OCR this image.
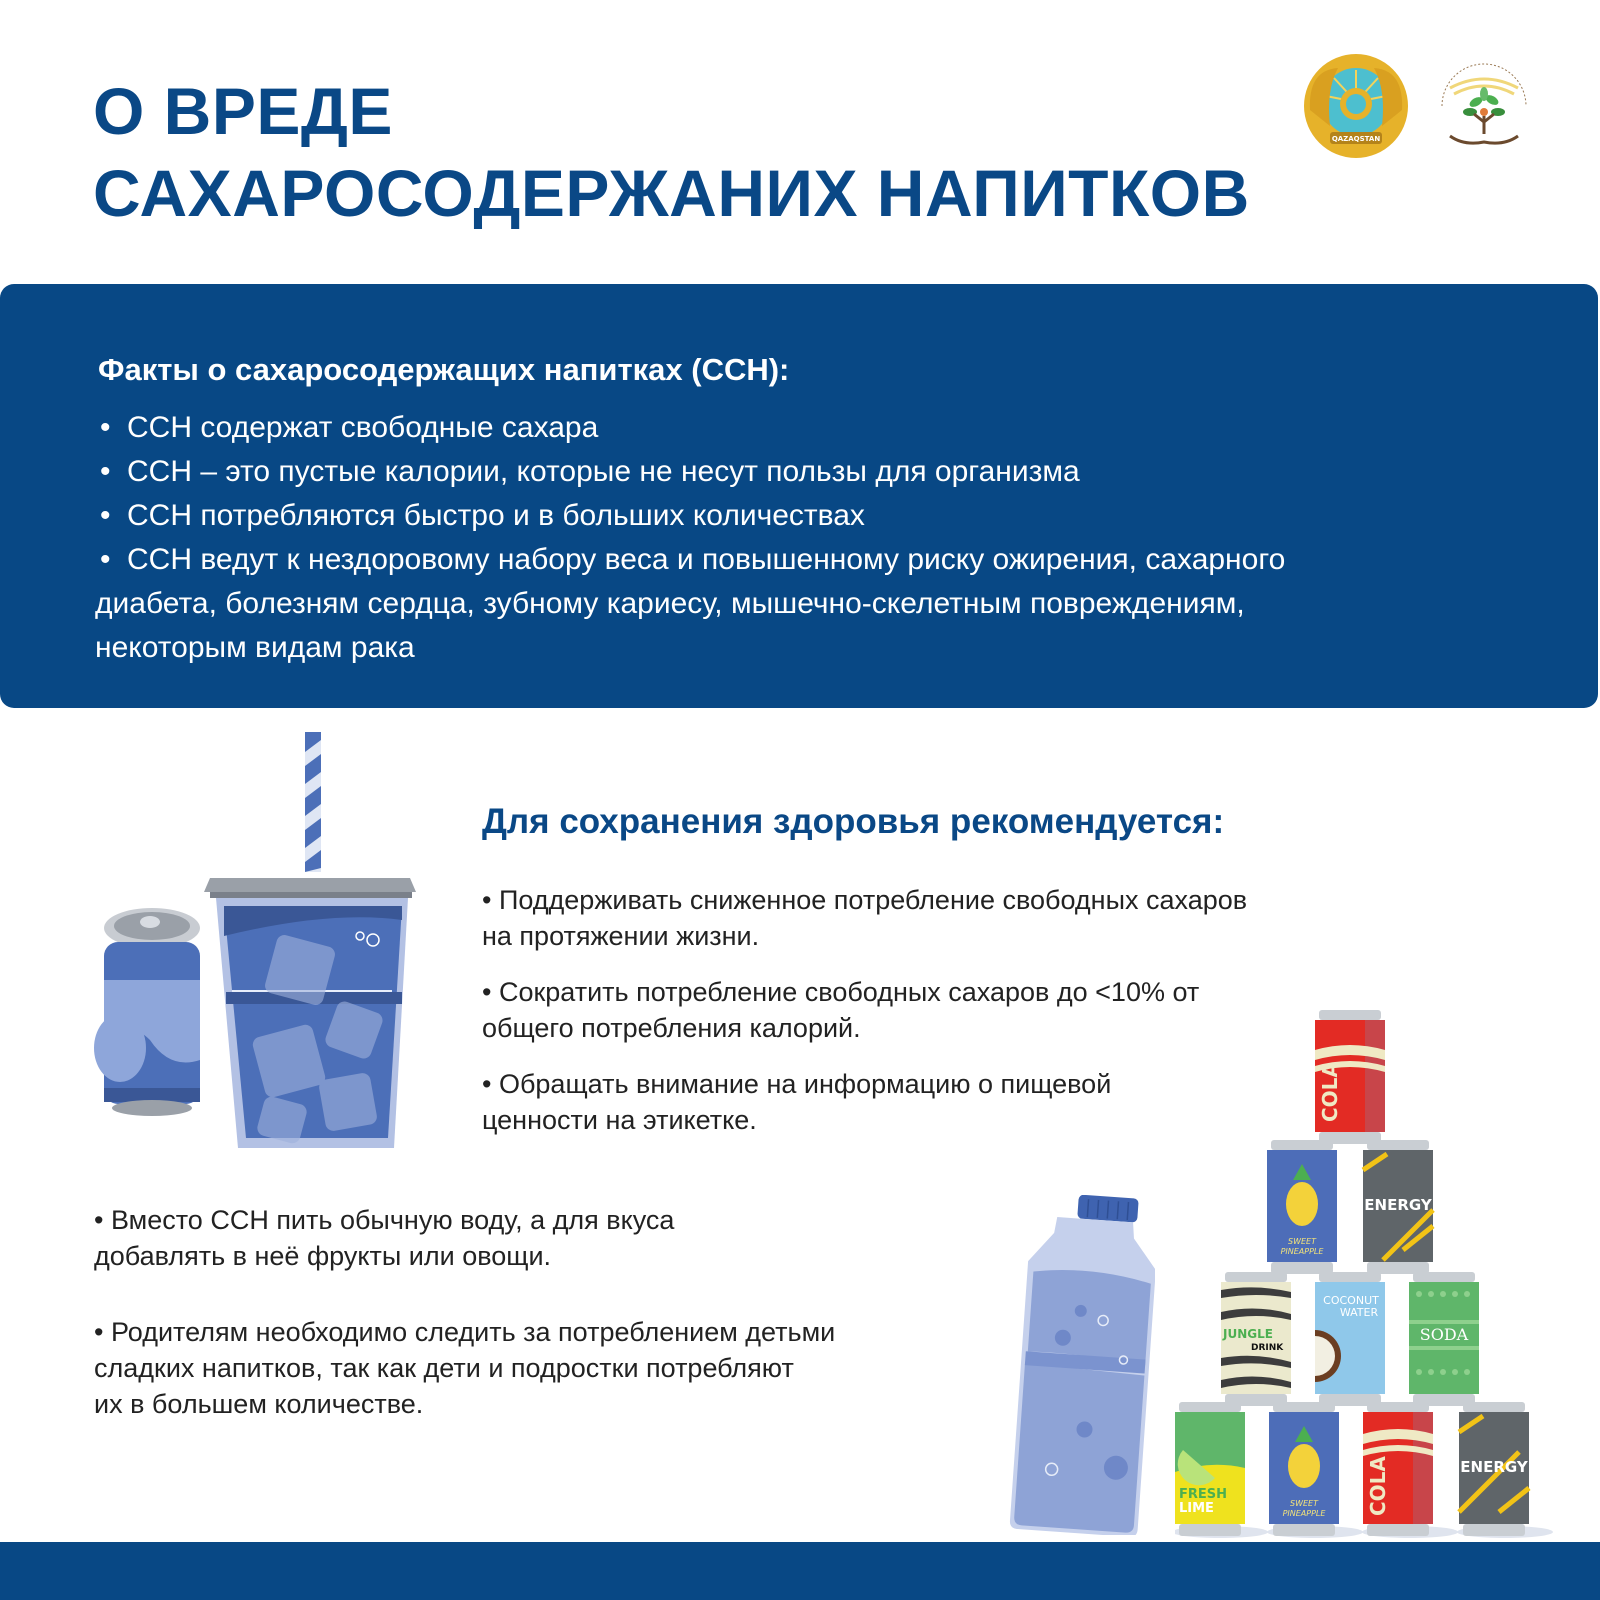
О ВРЕДЕ
САХАРОСОДЕРЖАНИХ НАПИТКОВ
QAZAQSTAN
Факты о сахаросодержащих напитках (ССН):
• ССН содержат свободные сахара
• ССН – это пустые калории, которые не несут пользы для организма
• ССН потребляются быстро и в больших количествах
• ССН ведут к нездоровому набору веса и повышенному риску ожирения, сахарного
диабета, болезням сердца, зубному кариесу, мышечно-скелетным повреждениям,
некоторым видам рака
Для сохранения здоровья рекомендуется:
• Поддерживать сниженное потребление свободных сахаров
на протяжении жизни.
• Сократить потребление свободных сахаров до <10% от
общего потребления калорий.
• Обращать внимание на информацию о пищевой
ценности на этикетке.
• Вместо ССН пить обычную воду, а для вкуса
добавлять в неё фрукты или овощи.
• Родителям необходимо следить за потреблением детьми
сладких напитков, так как дети и подростки потребляют
их в большем количестве.
COLA
SWEET
PINEAPPLE
ENERGY
JUNGLE
DRINK
COCONUT
WATER
SODA
FRESH
LIME	SWEET
PINEAPPLE COLA	ENERGY
